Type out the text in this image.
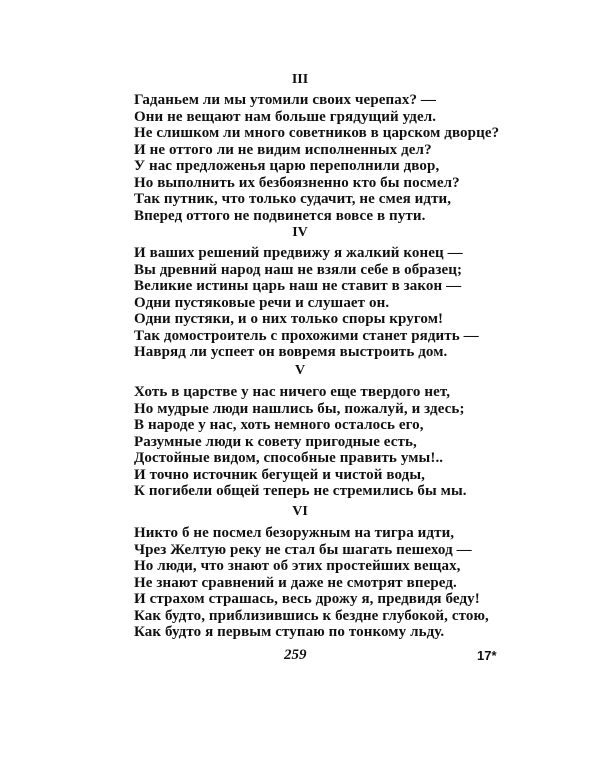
III
Гаданьем ли мы утомили своих черепах? —
Они не вещают нам больше грядущий удел.
Не слишком ли много советников в царском дворце?
И не оттого ли не видим исполненных дел?
У нас предложенья царю переполнили двор,
Но выполнить их безбоязненно кто бы посмел?
Так путник, что только судачит, не смея идти,
Вперед оттого не подвинется вовсе в пути.
IV
И ваших решений предвижу я жалкий конец —
Вы древний народ наш не взяли себе в образец;
Великие истины царь наш не ставит в закон —
Одни пустяковые речи и слушает он.
Одни пустяки, и о них только споры кругом!
Так домостроитель с прохожими станет рядить —
Навряд ли успеет он вовремя выстроить дом.
V
Хоть в царстве у нас ничего еще твердого нет,
Но мудрые люди нашлись бы, пожалуй, и здесь;
В народе у нас, хоть немного осталось его,
Разумные люди к совету пригодные есть,
Достойные видом, способные править умы!..
И точно источник бегущей и чистой воды,
К погибели общей теперь не стремились бы мы.
VI
Никто б не посмел безоружным на тигра идти,
Чрез Желтую реку не стал бы шагать пешеход —
Но люди, что знают об этих простейших вещах,
Не знают сравнений и даже не смотрят вперед.
И страхом страшась, весь дрожу я, предвидя беду!
Как будто, приблизившись к бездне глубокой, стою,
Как будто я первым ступаю по тонкому льду.
259	17*
